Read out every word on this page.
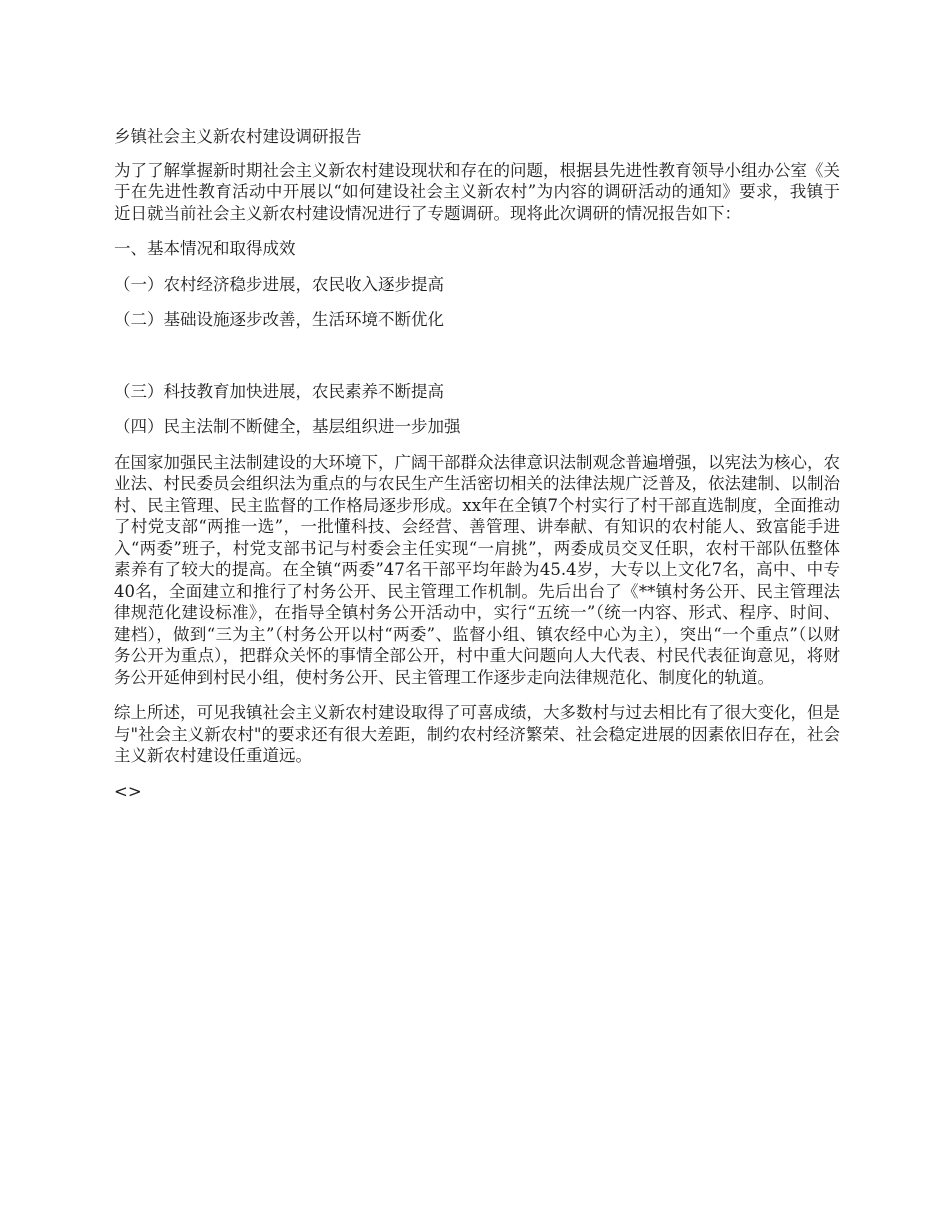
乡镇社会主义新农村建设调研报告

为了了解掌握新时期社会主义新农村建设现状和存在的问题，根据县先进性教育领导小组办公室《关于在先进性教育活动中开展以“如何建设社会主义新农村”为内容的调研活动的通知》要求，我镇于近日就当前社会主义新农村建设情况进行了专题调研。现将此次调研的情况报告如下：

一、基本情况和取得成效

（一）农村经济稳步进展，农民收入逐步提高

（二）基础设施逐步改善，生活环境不断优化

（三）科技教育加快进展，农民素养不断提高

（四）民主法制不断健全，基层组织进一步加强

在国家加强民主法制建设的大环境下，广阔干部群众法律意识法制观念普遍增强，以宪法为核心，农业法、村民委员会组织法为重点的与农民生产生活密切相关的法律法规广泛普及，依法建制、以制治村、民主管理、民主监督的工作格局逐步形成。xx年在全镇7个村实行了村干部直选制度，全面推动了村党支部“两推一选”，一批懂科技、会经营、善管理、讲奉献、有知识的农村能人、致富能手进入“两委”班子，村党支部书记与村委会主任实现“一肩挑”，两委成员交叉任职，农村干部队伍整体素养有了较大的提高。在全镇“两委”47名干部平均年龄为45.4岁，大专以上文化7名，高中、中专40名，全面建立和推行了村务公开、民主管理工作机制。先后出台了《**镇村务公开、民主管理法律规范化建设标准》，在指导全镇村务公开活动中，实行“五统一”（统一内容、形式、程序、时间、建档），做到“三为主”（村务公开以村“两委”、监督小组、镇农经中心为主），突出“一个重点”（以财务公开为重点），把群众关怀的事情全部公开，村中重大问题向人大代表、村民代表征询意见，将财务公开延伸到村民小组，使村务公开、民主管理工作逐步走向法律规范化、制度化的轨道。

综上所述，可见我镇社会主义新农村建设取得了可喜成绩，大多数村与过去相比有了很大变化，但是与"社会主义新农村"的要求还有很大差距，制约农村经济繁荣、社会稳定进展的因素依旧存在，社会主义新农村建设任重道远。

<>
